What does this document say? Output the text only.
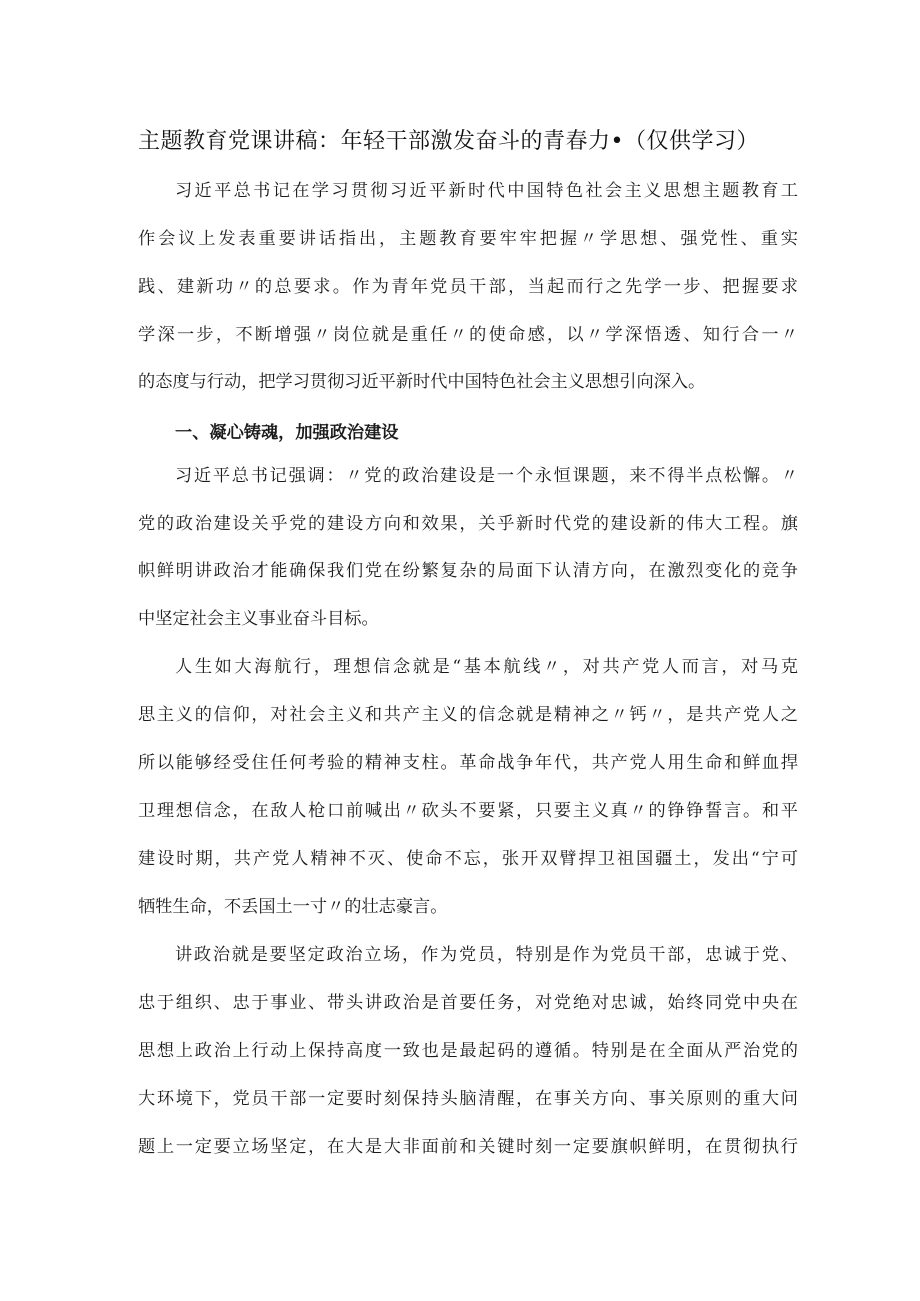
主题教育党课讲稿：年轻干部激发奋斗的青春力•（仅供学习）
习近平总书记在学习贯彻习近平新时代中国特色社会主义思想主题教育工
作会议上发表重要讲话指出，主题教育要牢牢把握〃学思想、强党性、重实
践、建新功〃的总要求。作为青年党员干部，当起而行之先学一步、把握要求
学深一步，不断增强〃岗位就是重任〃的使命感，以〃学深悟透、知行合一〃
的态度与行动，把学习贯彻习近平新时代中国特色社会主义思想引向深入。
一、凝心铸魂，加强政治建设
习近平总书记强调：〃党的政治建设是一个永恒课题，来不得半点松懈。〃
党的政治建设关乎党的建设方向和效果，关乎新时代党的建设新的伟大工程。旗
帜鲜明讲政治才能确保我们党在纷繁复杂的局面下认清方向，在激烈变化的竞争
中坚定社会主义事业奋斗目标。
人生如大海航行，理想信念就是“基本航线〃，对共产党人而言，对马克
思主义的信仰，对社会主义和共产主义的信念就是精神之〃钙〃，是共产党人之
所以能够经受住任何考验的精神支柱。革命战争年代，共产党人用生命和鲜血捍
卫理想信念，在敌人枪口前喊出〃砍头不要紧，只要主义真〃的铮铮誓言。和平
建设时期，共产党人精神不灭、使命不忘，张开双臂捍卫祖国疆土，发出“宁可
牺牲生命，不丢国土一寸〃的壮志豪言。
讲政治就是要坚定政治立场，作为党员，特别是作为党员干部，忠诚于党、
忠于组织、忠于事业、带头讲政治是首要任务，对党绝对忠诚，始终同党中央在
思想上政治上行动上保持高度一致也是最起码的遵循。特别是在全面从严治党的
大环境下，党员干部一定要时刻保持头脑清醒，在事关方向、事关原则的重大问
题上一定要立场坚定，在大是大非面前和关键时刻一定要旗帜鲜明，在贯彻执行
